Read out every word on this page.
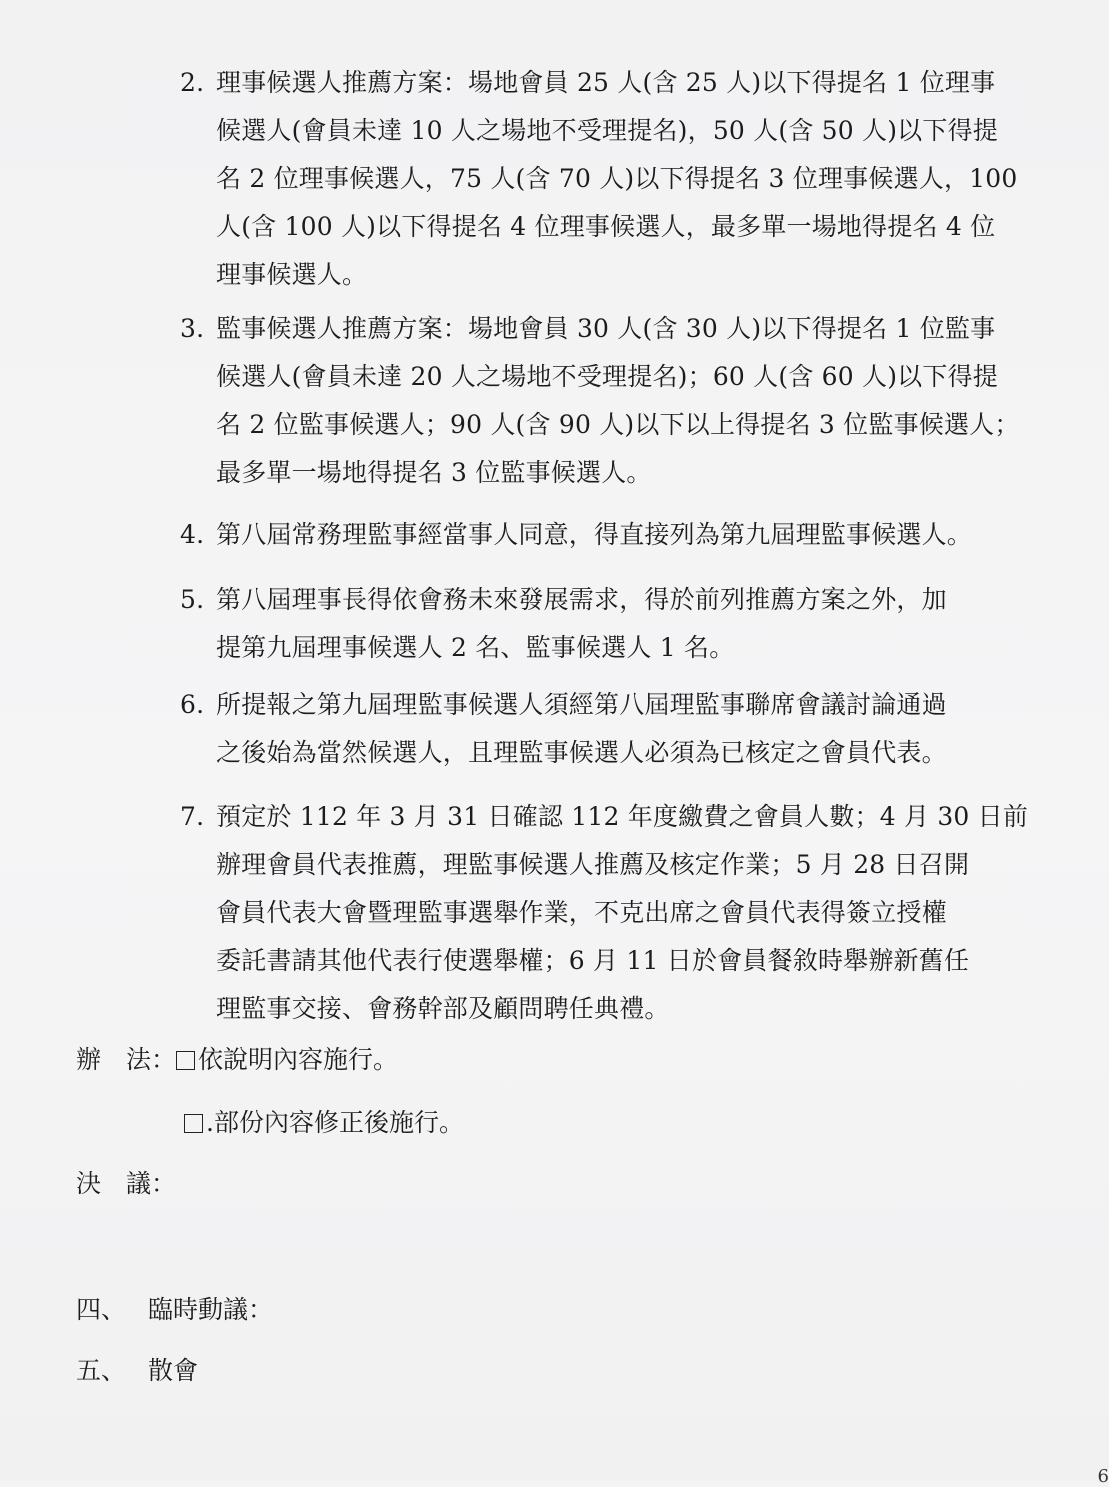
2. 理事候選人推薦方案：場地會員 25 人(含 25 人)以下得提名 1 位理事
候選人(會員未達 10 人之場地不受理提名)，50 人(含 50 人)以下得提
名 2 位理事候選人，75 人(含 70 人)以下得提名 3 位理事候選人，100
人(含 100 人)以下得提名 4 位理事候選人，最多單一場地得提名 4 位
理事候選人。
3. 監事候選人推薦方案：場地會員 30 人(含 30 人)以下得提名 1 位監事
候選人(會員未達 20 人之場地不受理提名)；60 人(含 60 人)以下得提
名 2 位監事候選人；90 人(含 90 人)以下以上得提名 3 位監事候選人；
最多單一場地得提名 3 位監事候選人。
4. 第八屆常務理監事經當事人同意，得直接列為第九屆理監事候選人。
5. 第八屆理事長得依會務未來發展需求，得於前列推薦方案之外，加
提第九屆理事候選人 2 名、監事候選人 1 名。
6. 所提報之第九屆理監事候選人須經第八屆理監事聯席會議討論通過
之後始為當然候選人，且理監事候選人必須為已核定之會員代表。
7. 預定於 112 年 3 月 31 日確認 112 年度繳費之會員人數；4 月 30 日前
辦理會員代表推薦，理監事候選人推薦及核定作業；5 月 28 日召開
會員代表大會暨理監事選舉作業，不克出席之會員代表得簽立授權
委託書請其他代表行使選舉權；6 月 11 日於會員餐敘時舉辦新舊任
理監事交接、會務幹部及顧問聘任典禮。
辦　法： 依說明內容施行。
.部份內容修正後施行。
決　議：
四、 臨時動議：
五、 散會
6
